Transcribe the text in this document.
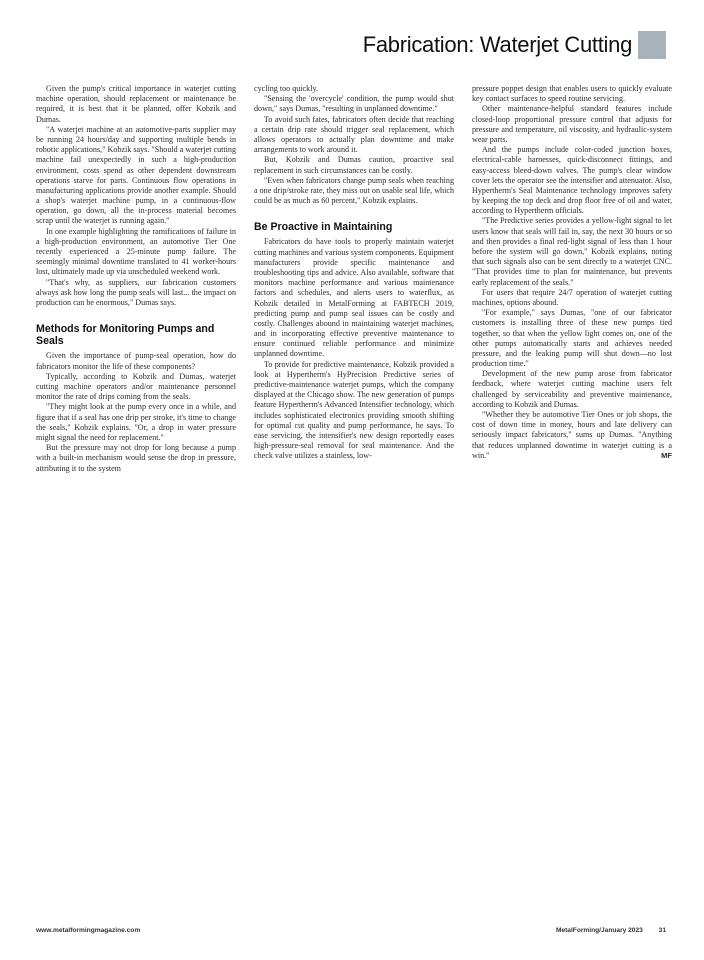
Fabrication: Waterjet Cutting

Given the pump's critical importance in waterjet cutting machine operation, should replacement or maintenance be required, it is best that it be planned, offer Kobzik and Dumas.

"A waterjet machine at an automotive-parts supplier may be running 24 hours/day and supporting multiple bends in robotic applications," Kobzik says. "Should a waterjet cutting machine fail unexpectedly in such a high-production environment, costs spend as other dependent downstream operations starve for parts. Continuous flow operations in manufacturing applications provide another example. Should a shop's waterjet machine pump, in a continuous-flow operation, go down, all the in-process material becomes scrap until the waterjet is running again."

In one example highlighting the ramifications of failure in a high-production environment, an automotive Tier One recently experienced a 25-minute pump failure. The seemingly minimal downtime translated to 41 worker-hours lost, ultimately made up via unscheduled weekend work.

"That's why, as suppliers, our fabrication customers always ask how long the pump seals will last... the impact on production can be enormous," Dumas says.

Methods for Monitoring Pumps and Seals

Given the importance of pump-seal operation, how do fabricators monitor the life of these components?

Typically, according to Kobzik and Dumas, waterjet cutting machine operators and/or maintenance personnel monitor the rate of drips coming from the seals.

"They might look at the pump every once in a while, and figure that if a seal has one drip per stroke, it's time to change the seals," Kobzik explains. "Or, a drop in water pressure might signal the need for replacement."

But the pressure may not drop for long because a pump with a built-in mechanism would sense the drop in pressure, attributing it to the system

cycling too quickly.

"Sensing the 'overcycle' condition, the pump would shut down," says Dumas, "resulting in unplanned downtime."

To avoid such fates, fabricators often decide that reaching a certain drip rate should trigger seal replacement, which allows operators to actually plan downtime and make arrangements to work around it.

But, Kobzik and Dumas caution, proactive seal replacement in such circumstances can be costly.

"Even when fabricators change pump seals when reaching a one drip/stroke rate, they miss out on usable seal life, which could be as much as 60 percent," Kobzik explains.

Be Proactive in Maintaining

Fabricators do have tools to properly maintain waterjet cutting machines and various system components. Equipment manufacturers provide specific maintenance and troubleshooting tips and advice. Also available, software that monitors machine performance and various maintenance factors and schedules, and alerts users to waterflux, as Kobzik detailed in MetalForming at FABTECH 2019, predicting pump and pump seal issues can be costly and costly. Challenges abound in maintaining waterjet machines, and in incorporating effective preventive maintenance to ensure continued reliable performance and minimize unplanned downtime.

To provide for predictive maintenance, Kobzik provided a look at Hypertherm's HyPrecision Predictive series of predictive-maintenance waterjet pumps, which the company displayed at the Chicago show. The new generation of pumps feature Hypertherm's Advanced Intensifier technology, which includes sophisticated electronics providing smooth shifting for optimal cut quality and pump performance, he says. To ease servicing, the intensifier's new design reportedly eases high-pressure-seal removal for seal maintenance. And the check valve utilizes a stainless, low-

pressure poppet design that enables users to quickly evaluate key contact surfaces to speed routine servicing.

Other maintenance-helpful standard features include closed-loop proportional pressure control that adjusts for pressure and temperature, oil viscosity, and hydraulic-system wear parts.

And the pumps include color-coded junction boxes, electrical-cable harnesses, quick-disconnect fittings, and easy-access bleed-down valves. The pump's clear window cover lets the operator see the intensifier and attenuator. Also, Hypertherm's Seal Maintenance technology improves safety by keeping the top deck and drop floor free of oil and water, according to Hypertherm officials.

"The Predictive series provides a yellow-light signal to let users know that seals will fail in, say, the next 30 hours or so and then provides a final red-light signal of less than 1 hour before the system will go down," Kobzik explains, noting that such signals also can be sent directly to a waterjet CNC. "That provides time to plan for maintenance, but prevents early replacement of the seals."

For users that require 24/7 operation of waterjet cutting machines, options abound.

"For example," says Dumas, "one of our fabricator customers is installing three of these new pumps tied together, so that when the yellow light comes on, one of the other pumps automatically starts and achieves needed pressure, and the leaking pump will shut down—no lost production time."

Development of the new pump arose from fabricator feedback, where waterjet cutting machine users felt challenged by serviceability and preventive maintenance, according to Kobzik and Dumas.

"Whether they be automotive Tier Ones or job shops, the cost of down time in money, hours and late delivery can seriously impact fabricators," sums up Dumas. "Anything that reduces unplanned downtime in waterjet cutting is a win."	MF

www.metalformingmagazine.com	MetalForming/January 2023 31
